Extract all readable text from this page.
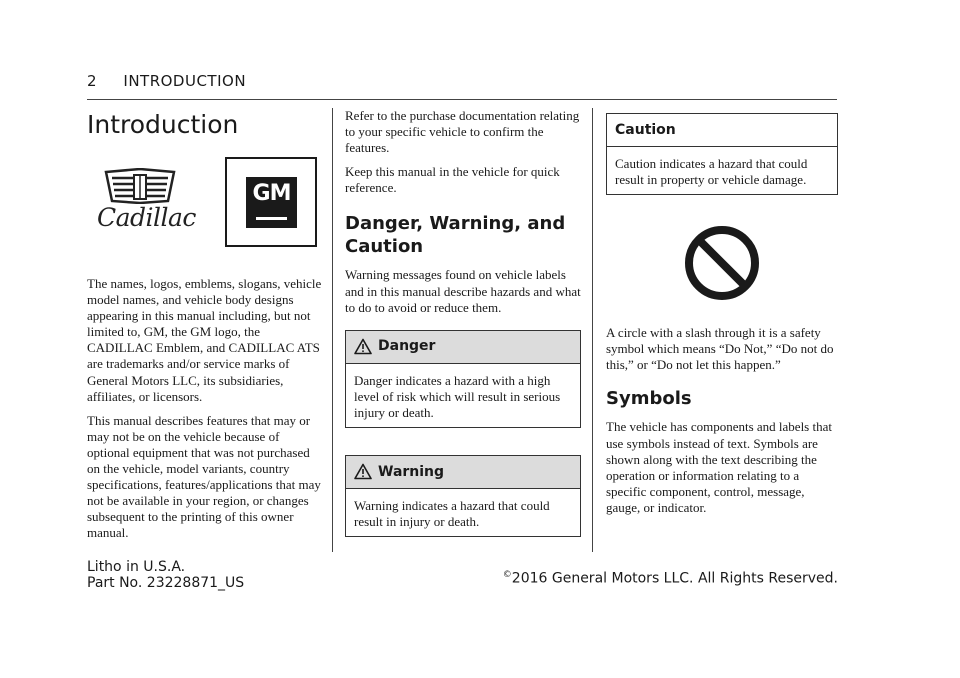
2 INTRODUCTION
Introduction
Cadillac
GM

The names, logos, emblems, slogans, vehicle model names, and vehicle body designs appearing in this manual including, but not limited to, GM, the GM logo, the CADILLAC Emblem, and CADILLAC ATS are trademarks and/or service marks of General Motors LLC, its subsidiaries, affiliates, or licensors.

This manual describes features that may or may not be on the vehicle because of optional equipment that was not purchased on the vehicle, model variants, country specifications, features/applications that may not be available in your region, or changes subsequent to the printing of this owner manual.

Refer to the purchase documentation relating to your specific vehicle to confirm the features.

Keep this manual in the vehicle for quick reference.

Danger, Warning, and Caution

Warning messages found on vehicle labels and in this manual describe hazards and what to do to avoid or reduce them.

Danger

Danger indicates a hazard with a high level of risk which will result in serious injury or death.

Warning

Warning indicates a hazard that could result in injury or death.

Caution

Caution indicates a hazard that could result in property or vehicle damage.

A circle with a slash through it is a safety symbol which means “Do Not,” “Do not do this,” or “Do not let this happen.”

Symbols

The vehicle has components and labels that use symbols instead of text. Symbols are shown along with the text describing the operation or information relating to a specific component, control, message, gauge, or indicator.

Litho in U.S.A.
Part No. 23228871_US	©2016 General Motors LLC. All Rights Reserved.
